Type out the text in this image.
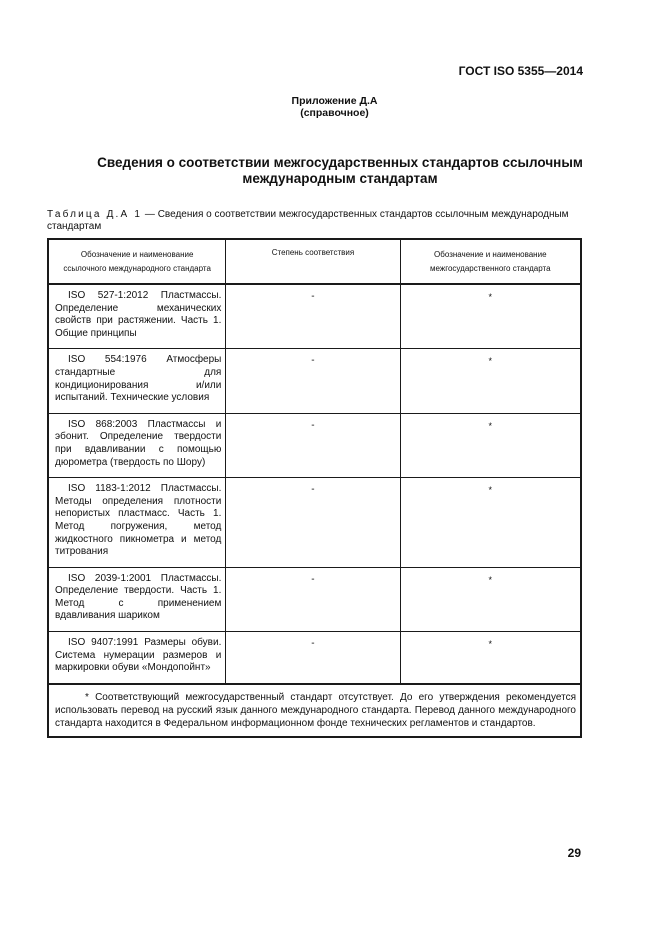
ГОСТ ISO 5355—2014
Приложение Д.А
(справочное)
Сведения о соответствии межгосударственных стандартов ссылочным международным стандартам
Таблица Д.А 1 — Сведения о соответствии межгосударственных стандартов ссылочным международным стандартам
Обозначение и наименование ссылочного международного стандарта	Степень соответствия	Обозначение и наименование межгосударственного стандарта

ISO 527-1:2012 Пластмассы. Определение механических свойств при растяжении. Часть 1. Общие принципы	-	*

ISO 554:1976 Атмосферы стандартные для кондиционирования и/или испытаний. Технические условия	-	*

ISO 868:2003 Пластмассы и эбонит. Определение твердости при вдавливании с помощью дюрометра (твердость по Шору)	-	*

ISO 1183-1:2012 Пластмассы. Методы определения плотности непористых пластмасс. Часть 1. Метод погружения, метод жидкостного пикнометра и метод титрования	-	*

ISO 2039-1:2001 Пластмассы. Определение твердости. Часть 1. Метод с применением вдавливания шариком	-	*

ISO 9407:1991 Размеры обуви. Система нумерации размеров и маркировки обуви «Мондопойнт»	-	*

* Соответствующий межгосударственный стандарт отсутствует. До его утверждения рекомендуется использовать перевод на русский язык данного международного стандарта. Перевод данного международного стандарта находится в Федеральном информационном фонде технических регламентов и стандартов.		
29
